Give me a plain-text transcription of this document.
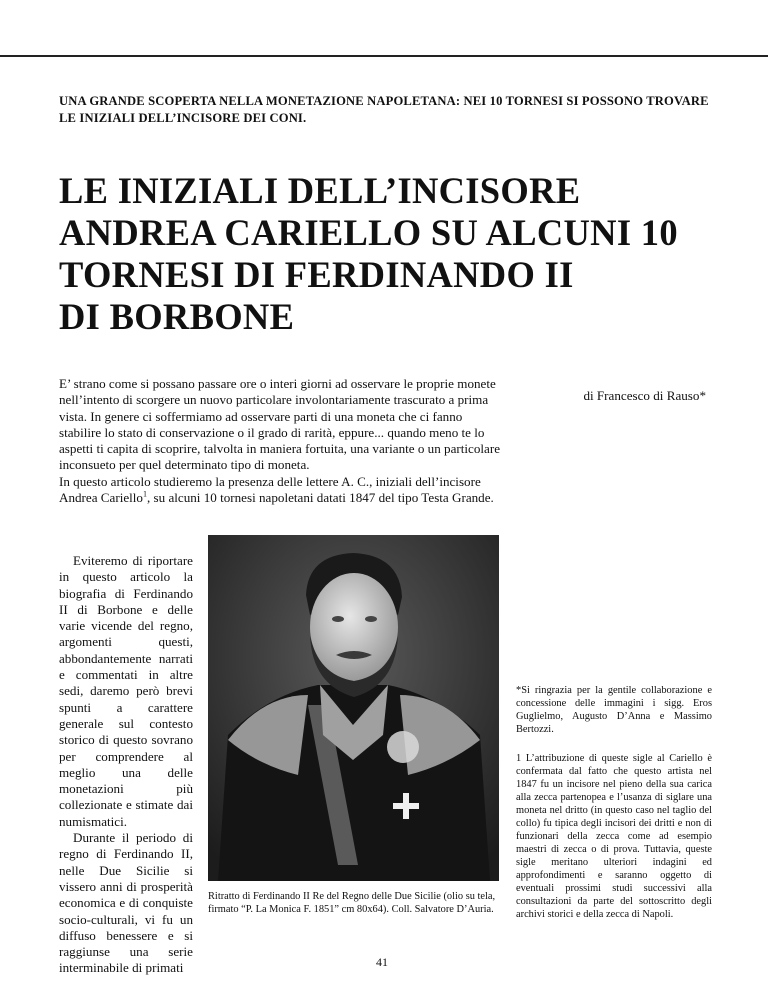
UNA GRANDE SCOPERTA NELLA MONETAZIONE NAPOLETANA: NEI 10 TORNESI SI POSSONO TROVARE LE INIZIALI DELL’INCISORE DEI CONI.
LE INIZIALI DELL’INCISORE
ANDREA CARIELLO SU ALCUNI 10
TORNESI DI FERDINANDO II
DI BORBONE
di Francesco di Rauso*

E’ strano come si possano passare ore o interi giorni ad osservare le proprie monete nell’intento di scorgere un nuovo particolare involontariamente trascurato a prima vista. In genere ci soffermiamo ad osservare parti di una moneta che ci fanno stabilire lo stato di conservazione o il grado di rarità, eppure... quando meno te lo aspetti ti capita di scoprire, talvolta in maniera fortuita, una variante o un particolare inconsueto per quel determinato tipo di moneta.

In questo articolo studieremo la presenza delle lettere A. C., iniziali dell’incisore Andrea Cariello$^1$, su alcuni 10 tornesi napoletani datati 1847 del tipo Testa Grande.

Eviteremo di riportare in questo articolo la biografia di Ferdinando II di Borbone e delle varie vicende del regno, argomenti questi, abbondantemente narrati e commentati in altre sedi, daremo però brevi spunti a carattere generale sul contesto storico di questo sovrano per comprendere al meglio una delle monetazioni più collezionate e stimate dai numismatici.

Durante il periodo di regno di Ferdinando II, nelle Due Sicilie si vissero anni di prosperità economica e di conquiste socio-culturali, vi fu un diffuso benessere e si raggiunse una serie interminabile di primati

Ritratto di Ferdinando II Re del Regno delle Due Sicilie (olio su tela, firmato “P. La Monica F. 1851” cm 80x64). Coll. Salvatore D’Auria.

*Si ringrazia per la gentile collaborazione e concessione delle immagini i sigg. Eros Guglielmo, Augusto D’Anna e Massimo Bertozzi.

1 L’attribuzione di queste sigle al Cariello è confermata dal fatto che questo artista nel 1847 fu un incisore nel pieno della sua carica alla zecca partenopea e l’usanza di siglare una moneta nel dritto (in questo caso nel taglio del collo) fu tipica degli incisori dei dritti e non di funzionari della zecca come ad esempio maestri di zecca o di prova. Tuttavia, queste sigle meritano ulteriori indagini ed approfondimenti e saranno oggetto di eventuali prossimi studi successivi alla consultazioni da parte del sottoscritto degli archivi storici e della zecca di Napoli.

41
